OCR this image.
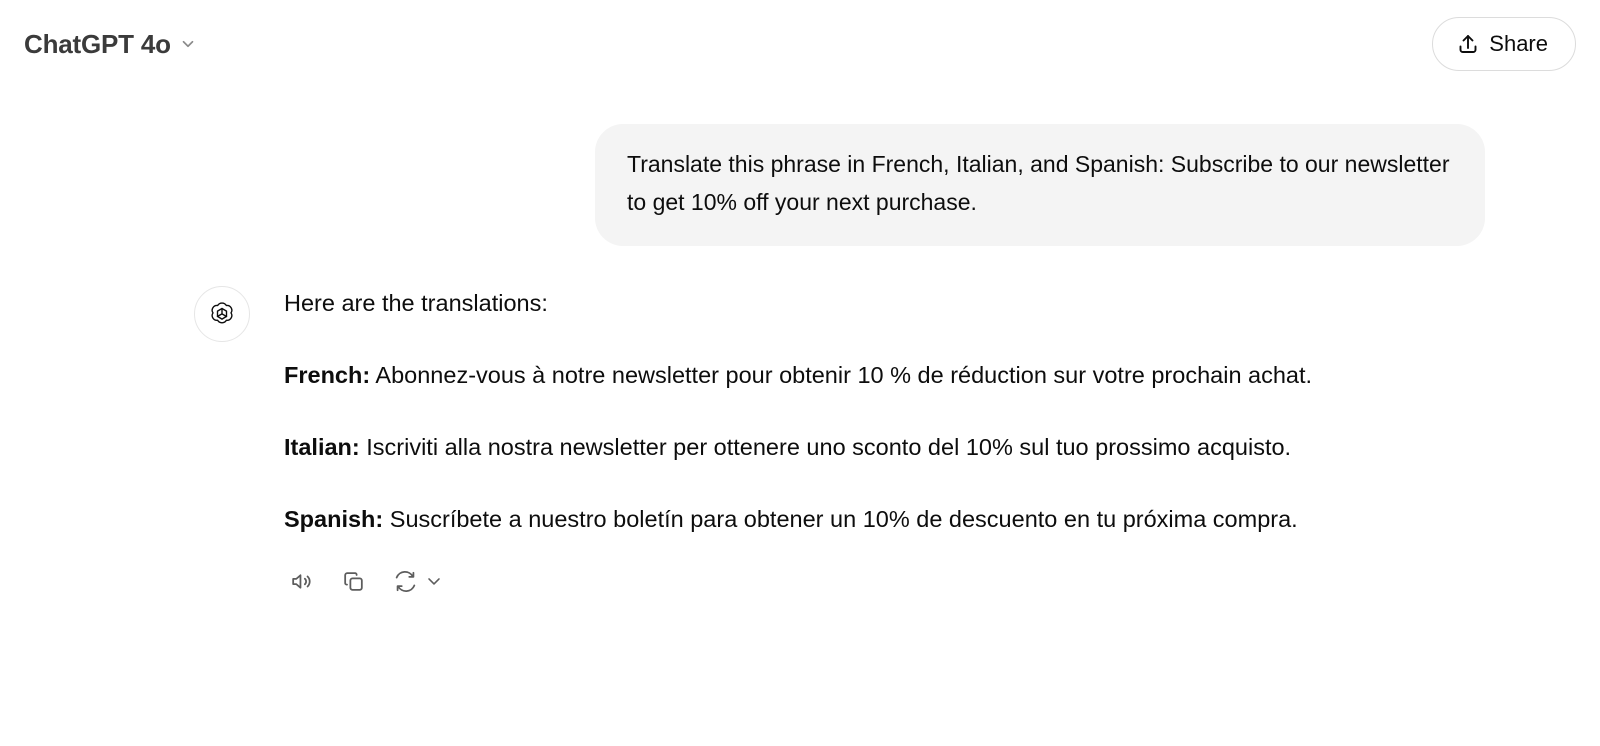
ChatGPT 4o	Share
Translate this phrase in French, Italian, and Spanish: Subscribe to our newsletter to get 10% off your next purchase.

Here are the translations:

French: Abonnez-vous à notre newsletter pour obtenir 10 % de réduction sur votre prochain achat.

Italian: Iscriviti alla nostra newsletter per ottenere uno sconto del 10% sul tuo prossimo acquisto.

Spanish: Suscríbete a nuestro boletín para obtener un 10% de descuento en tu próxima compra.
